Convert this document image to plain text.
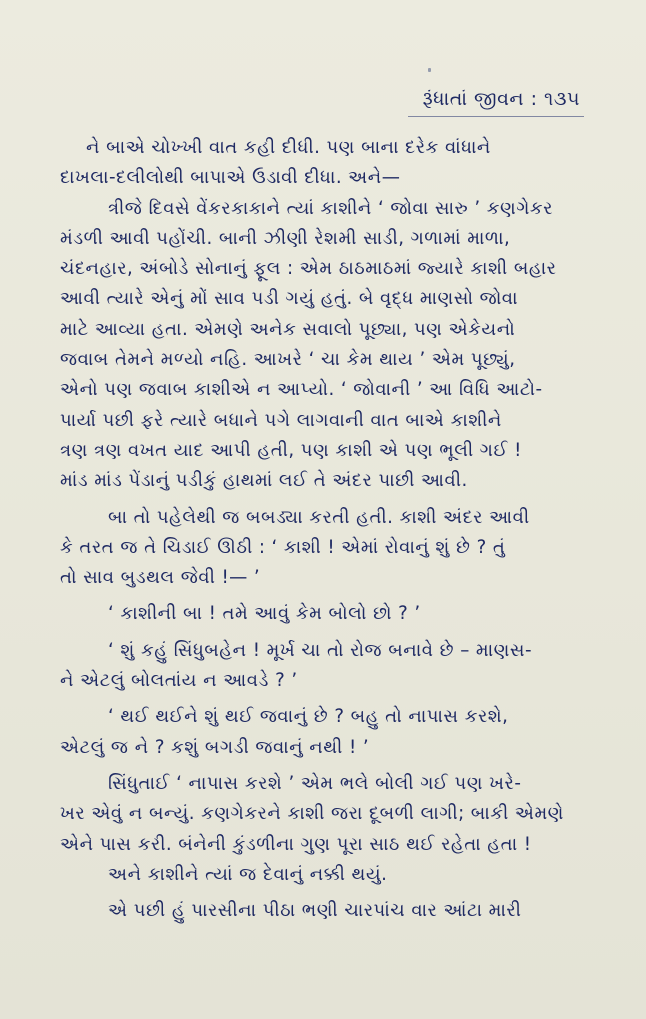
રૂંધાતાં જીવન : ૧૩૫
ને બાએ ચોખ્ખી વાત કહી દીધી. પણ બાના દરેક વાંધાને
દાખલા-દલીલોથી બાપાએ ઉડાવી દીધા. અને—
ત્રીજે દિવસે વેંકરકાકાને ત્યાં કાશીને ‘ જોવા સારુ ’ કણગેકર
મંડળી આવી પહોંચી. બાની ઝીણી રેશમી સાડી, ગળામાં માળા,
ચંદનહાર, અંબોડે સોનાનું ફૂલ : એમ ઠાઠમાઠમાં જ્યારે કાશી બહાર
આવી ત્યારે એનું મોં સાવ પડી ગયું હતું. બે વૃદ્ધ માણસો જોવા
માટે આવ્યા હતા. એમણે અનેક સવાલો પૂછ્યા, પણ એકેયનો
જવાબ તેમને મળ્યો નહિ. આખરે ‘ ચા કેમ થાય ’ એમ પૂછ્યું,
એનો પણ જવાબ કાશીએ ન આપ્યો. ‘ જોવાની ’ આ વિધિ આટો-
પાર્યા પછી ફરે ત્યારે બધાને પગે લાગવાની વાત બાએ કાશીને
ત્રણ ત્રણ વખત યાદ આપી હતી, પણ કાશી એ પણ ભૂલી ગઈ !
માંડ માંડ પેંડાનું પડીકું હાથમાં લઈ તે અંદર પાછી આવી.
બા તો પહેલેથી જ બબડ્યા કરતી હતી. કાશી અંદર આવી
કે તરત જ તે ચિડાઈ ઊઠી : ‘ કાશી ! એમાં રોવાનું શું છે ? તું
તો સાવ બુડથલ જેવી !— ’
‘ કાશીની બા ! તમે આવું કેમ બોલો છો ? ’
‘ શું કહું સિંધુબહેન ! મૂર્ખ ચા તો રોજ બનાવે છે – માણસ-
ને એટલું બોલતાંય ન આવડે ? ’
‘ થઈ થઈને શું થઈ જવાનું છે ? બહુ તો નાપાસ કરશે,
એટલું જ ને ? કશું બગડી જવાનું નથી ! ’
સિંધુતાઈ ‘ નાપાસ કરશે ’ એમ ભલે બોલી ગઈ પણ ખરે-
ખર એવું ન બન્યું. કણગેકરને કાશી જરા દૂબળી લાગી; બાકી એમણે
એને પાસ કરી. બંનેની કુંડળીના ગુણ પૂરા સાઠ થઈ રહેતા હતા !
અને કાશીને ત્યાં જ દેવાનું નક્કી થયું.
એ પછી હું પારસીના પીઠા ભણી ચારપાંચ વાર આંટા મારી
